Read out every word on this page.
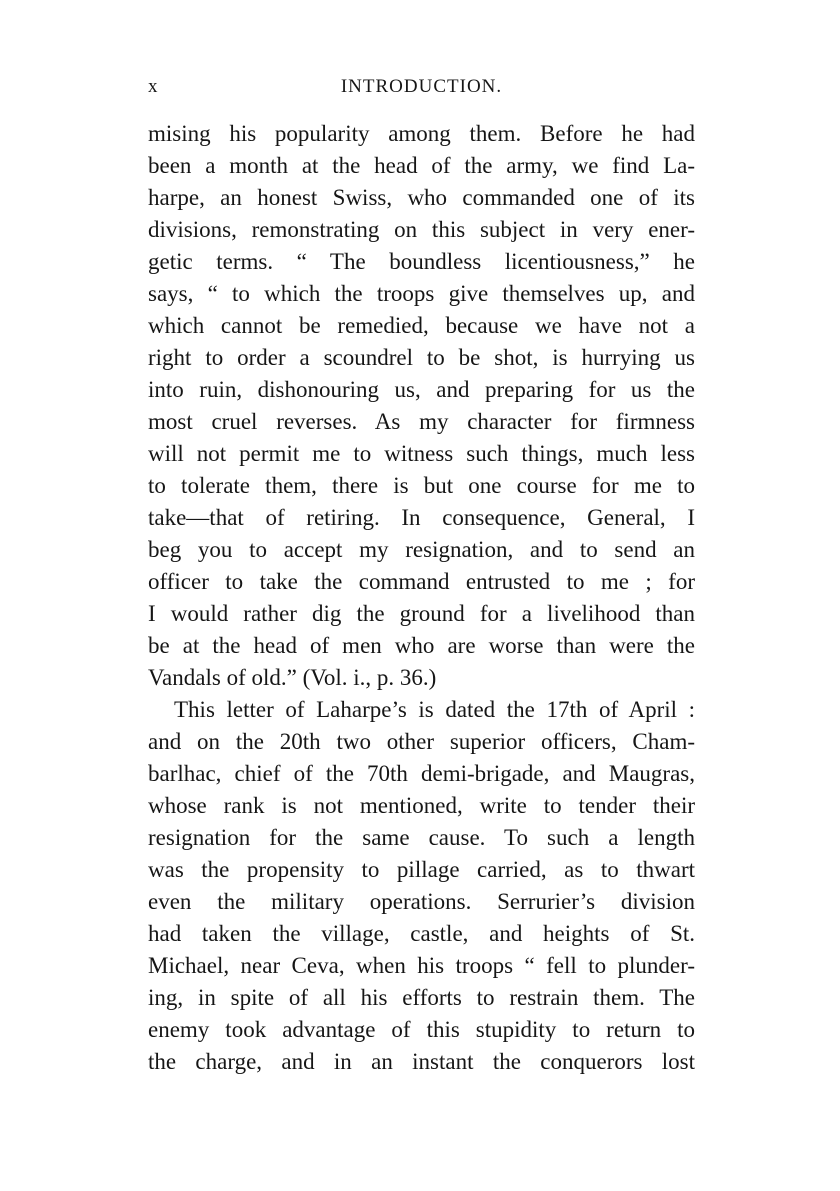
x	INTRODUCTION.
mising his popularity among them. Before he had
been a month at the head of the army, we find La-
harpe, an honest Swiss, who commanded one of its
divisions, remonstrating on this subject in very ener-
getic terms. “ The boundless licentiousness,” he
says, “ to which the troops give themselves up, and
which cannot be remedied, because we have not a
right to order a scoundrel to be shot, is hurrying us
into ruin, dishonouring us, and preparing for us the
most cruel reverses. As my character for firmness
will not permit me to witness such things, much less
to tolerate them, there is but one course for me to
take—that of retiring. In consequence, General, I
beg you to accept my resignation, and to send an
officer to take the command entrusted to me ; for
I would rather dig the ground for a livelihood than
be at the head of men who are worse than were the
Vandals of old.” (Vol. i., p. 36.)
This letter of Laharpe’s is dated the 17th of April :
and on the 20th two other superior officers, Cham-
barlhac, chief of the 70th demi-brigade, and Maugras,
whose rank is not mentioned, write to tender their
resignation for the same cause. To such a length
was the propensity to pillage carried, as to thwart
even the military operations. Serrurier’s division
had taken the village, castle, and heights of St.
Michael, near Ceva, when his troops “ fell to plunder-
ing, in spite of all his efforts to restrain them. The
enemy took advantage of this stupidity to return to
the charge, and in an instant the conquerors lost
